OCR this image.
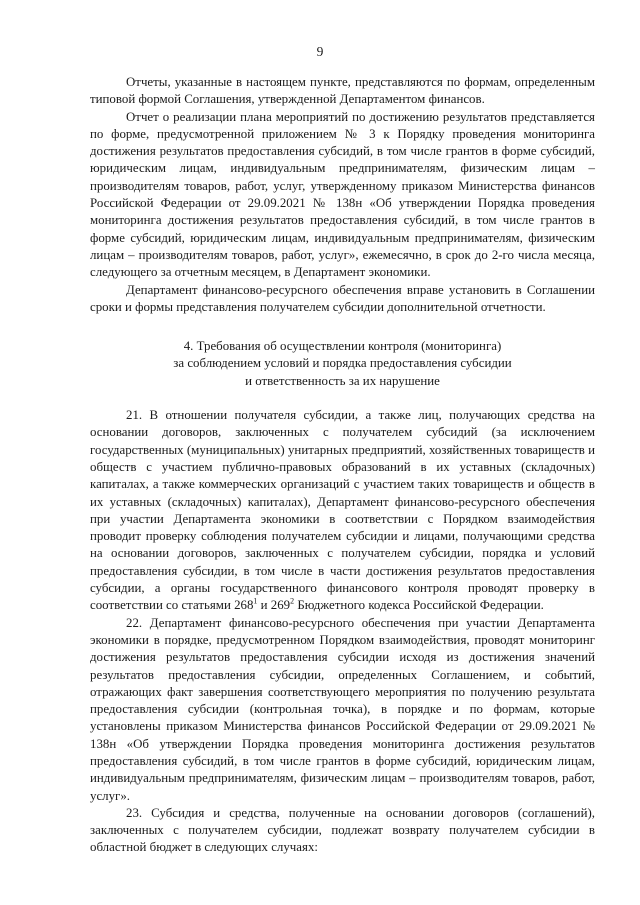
9

Отчеты, указанные в настоящем пункте, представляются по формам, определенным типовой формой Соглашения, утвержденной Департаментом финансов.

Отчет о реализации плана мероприятий по достижению результатов представляется по форме, предусмотренной приложением № 3 к Порядку проведения мониторинга достижения результатов предоставления субсидий, в том числе грантов в форме субсидий, юридическим лицам, индивидуальным предпринимателям, физическим лицам – производителям товаров, работ, услуг, утвержденному приказом Министерства финансов Российской Федерации от 29.09.2021 № 138н «Об утверждении Порядка проведения мониторинга достижения результатов предоставления субсидий, в том числе грантов в форме субсидий, юридическим лицам, индивидуальным предпринимателям, физическим лицам – производителям товаров, работ, услуг», ежемесячно, в срок до 2-го числа месяца, следующего за отчетным месяцем, в Департамент экономики.

Департамент финансово-ресурсного обеспечения вправе установить в Соглашении сроки и формы представления получателем субсидии дополнительной отчетности.

4. Требования об осуществлении контроля (мониторинга)
за соблюдением условий и порядка предоставления субсидии
и ответственность за их нарушение

21. В отношении получателя субсидии, а также лиц, получающих средства на основании договоров, заключенных с получателем субсидий (за исключением государственных (муниципальных) унитарных предприятий, хозяйственных товариществ и обществ с участием публично-правовых образований в их уставных (складочных) капиталах, а также коммерческих организаций с участием таких товариществ и обществ в их уставных (складочных) капиталах), Департамент финансово-ресурсного обеспечения при участии Департамента экономики в соответствии с Порядком взаимодействия проводит проверку соблюдения получателем субсидии и лицами, получающими средства на основании договоров, заключенных с получателем субсидии, порядка и условий предоставления субсидии, в том числе в части достижения результатов предоставления субсидии, а органы государственного финансового контроля проводят проверку в соответствии со статьями $268^1$ и $269^2$ Бюджетного кодекса Российской Федерации.

22. Департамент финансово-ресурсного обеспечения при участии Департамента экономики в порядке, предусмотренном Порядком взаимодействия, проводят мониторинг достижения результатов предоставления субсидии исходя из достижения значений результатов предоставления субсидии, определенных Соглашением, и событий, отражающих факт завершения соответствующего мероприятия по получению результата предоставления субсидии (контрольная точка), в порядке и по формам, которые установлены приказом Министерства финансов Российской Федерации от 29.09.2021 № 138н «Об утверждении Порядка проведения мониторинга достижения результатов предоставления субсидий, в том числе грантов в форме субсидий, юридическим лицам, индивидуальным предпринимателям, физическим лицам – производителям товаров, работ, услуг».

23. Субсидия и средства, полученные на основании договоров (соглашений), заключенных с получателем субсидии, подлежат возврату получателем субсидии в областной бюджет в следующих случаях:
